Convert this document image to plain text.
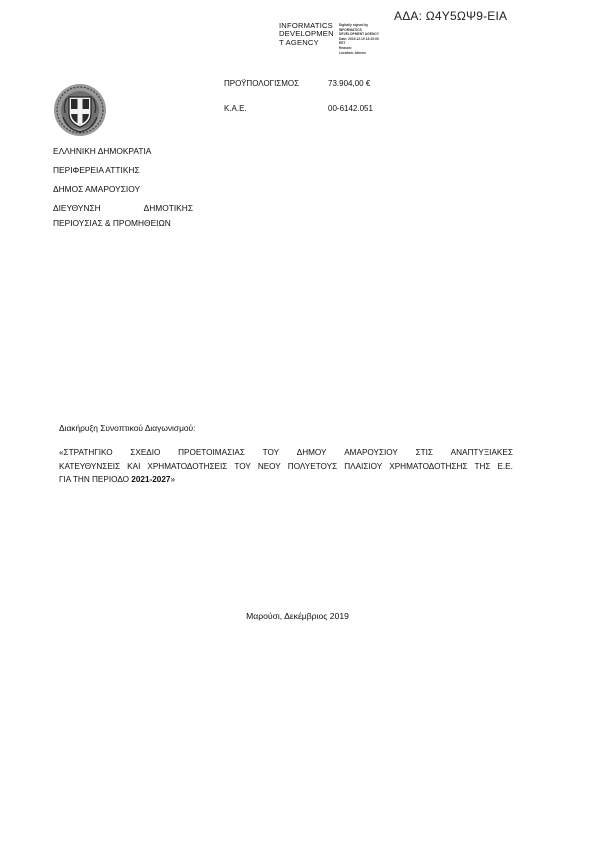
ΑΔΑ: Ω4Υ5ΩΨ9-ΕΙΑ
INFORMATICS
DEVELOPMEN
T AGENCY
Digitally signed by
INFORMATICS
DEVELOPMENT AGENCY
Date: 2019.12.19 13:23:00
EET
Reason:
Location: Athens
ΠΡΟΫΠΟΛΟΓΙΣΜΟΣ	73.904,00 €
Κ.Α.Ε.	00-6142.051
ΕΛΛΗΝΙΚΗ ΔΗΜΟΚΡΑΤΙΑ
ΠΕΡΙΦΕΡΕΙΑ ΑΤΤΙΚΗΣ
ΔΗΜΟΣ ΑΜΑΡΟΥΣΙΟΥ
ΔΙΕΥΘΥΝΣΗ	ΔΗΜΟΤΙΚΗΣ
ΠΕΡΙΟΥΣΙΑΣ & ΠΡΟΜΗΘΕΙΩΝ
Διακήρυξη Συνοπτικού Διαγωνισμού:
«ΣΤΡΑΤΗΓΙΚΟ ΣΧΕΔΙΟ ΠΡΟΕΤΟΙΜΑΣΙΑΣ ΤΟΥ ΔΗΜΟΥ ΑΜΑΡΟΥΣΙΟΥ ΣΤΙΣ ΑΝΑΠΤΥΞΙΑΚΕΣ
ΚΑΤΕΥΘΥΝΣΕΙΣ ΚΑΙ ΧΡΗΜΑΤΟΔΟΤΗΣΕΙΣ ΤΟΥ ΝΕΟΥ ΠΟΛΥΕΤΟΥΣ ΠΛΑΙΣΙΟΥ ΧΡΗΜΑΤΟΔΟΤΗΣΗΣ ΤΗΣ Ε.Ε.
ΓΙΑ ΤΗΝ ΠΕΡΙΟΔΟ 2021-2027»
Μαρούσι, Δεκέμβριος 2019
